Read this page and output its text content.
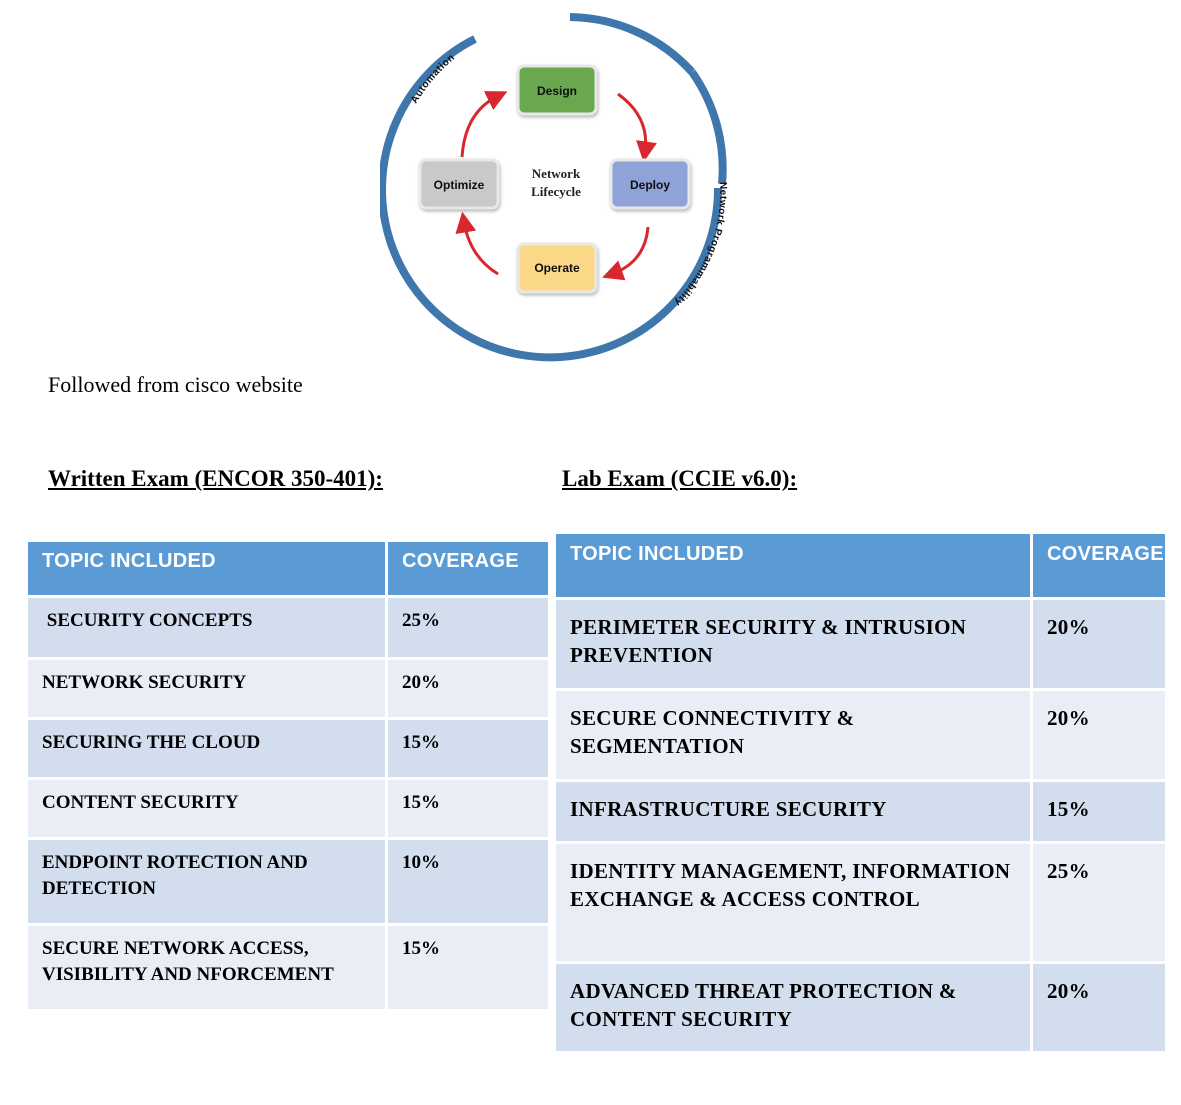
Automation
Network Programmability
Design
Deploy
Operate
Optimize
Network
Lifecycle
Followed from cisco website
Written Exam (ENCOR 350-401):	Lab Exam (CCIE v6.0):
TOPIC INCLUDED	COVERAGE
SECURITY CONCEPTS	25%
NETWORK SECURITY	20%
SECURING THE CLOUD	15%
CONTENT SECURITY	15%
ENDPOINT ROTECTION AND DETECTION	10%
SECURE NETWORK ACCESS, VISIBILITY AND NFORCEMENT	15%
TOPIC INCLUDED	COVERAGE
PERIMETER SECURITY & INTRUSION PREVENTION	20%
SECURE CONNECTIVITY & SEGMENTATION	20%
INFRASTRUCTURE SECURITY	15%
IDENTITY MANAGEMENT, INFORMATION EXCHANGE & ACCESS CONTROL	25%
ADVANCED THREAT PROTECTION & CONTENT SECURITY	20%
